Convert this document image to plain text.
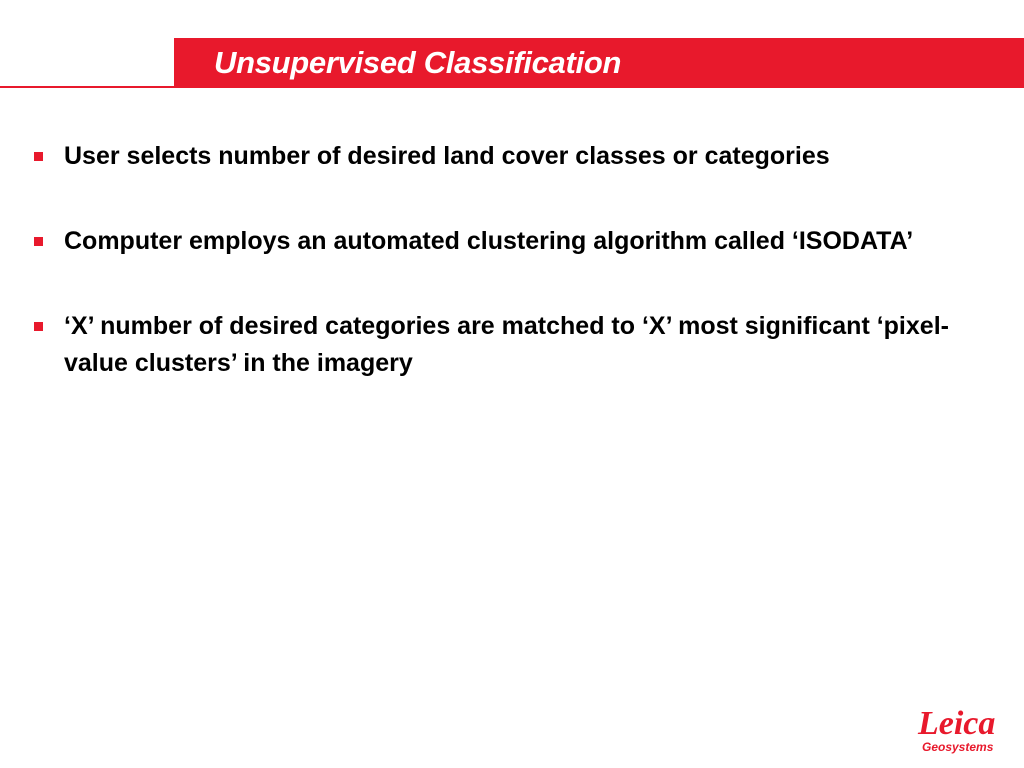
Unsupervised Classification
User selects number of desired land cover classes or categories
Computer employs an automated clustering algorithm called ‘ISODATA’
‘X’ number of desired categories are matched to ‘X’ most significant ‘pixel-value clusters’ in the imagery
Leica
Geosystems
